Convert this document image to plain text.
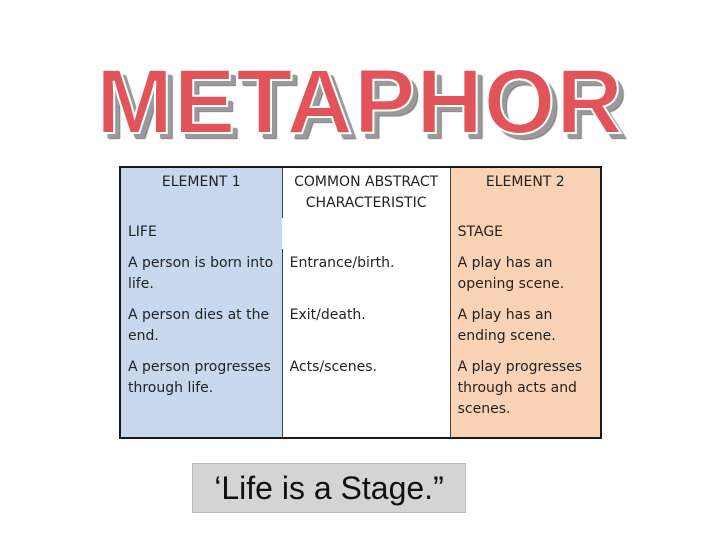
METAPHOR
ELEMENT 1	COMMON ABSTRACT CHARACTERISTIC	ELEMENT 2
LIFE		STAGE
A person is born into life.	Entrance/birth.	A play has an opening scene.
A person dies at the end.	Exit/death.	A play has an ending scene.
A person progresses through life.	Acts/scenes.	A play progresses through acts and scenes.
‘Life is a Stage.”
